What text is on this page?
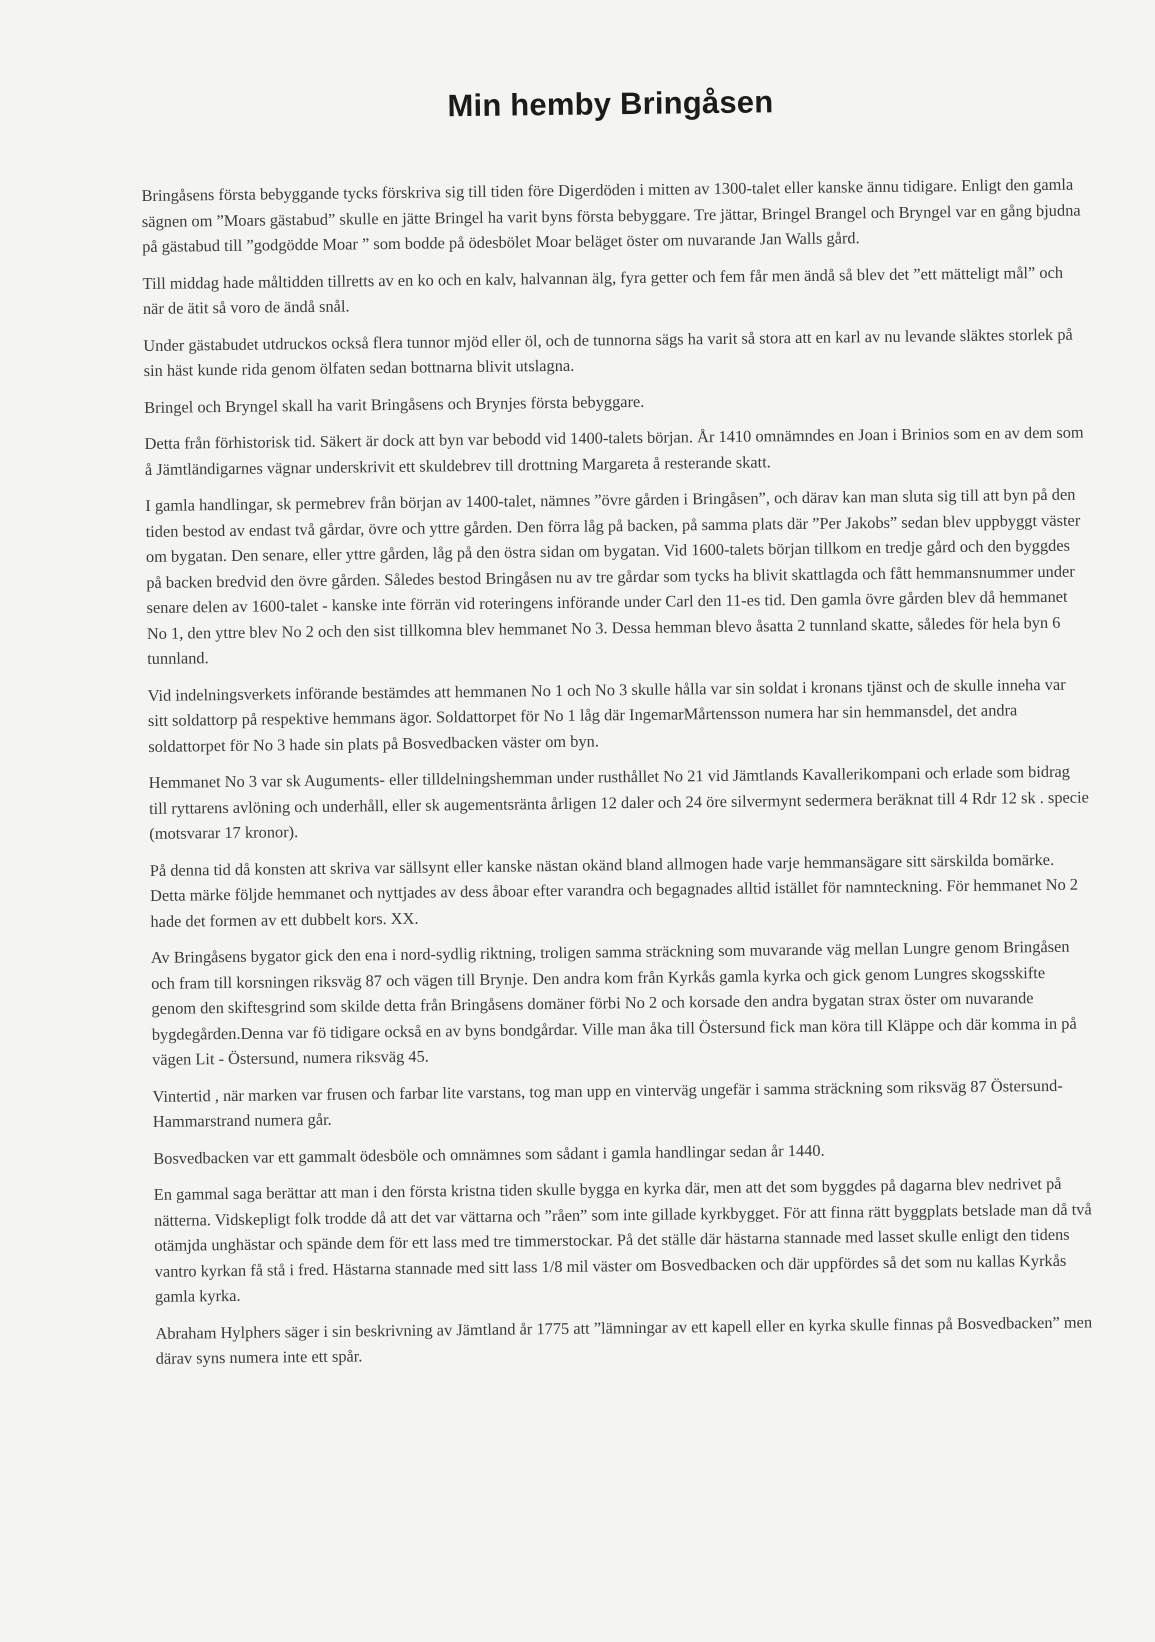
Min hemby Bringåsen

Bringåsens första bebyggande tycks förskriva sig till tiden före Digerdöden i mitten av 1300-talet eller kanske ännu tidigare. Enligt den gamla sägnen om ”Moars gästabud” skulle en jätte Bringel ha varit byns första bebyggare. Tre jättar, Bringel Brangel och Bryngel var en gång bjudna på gästabud till ”godgödde Moar ” som bodde på ödesbölet Moar beläget öster om nuvarande Jan Walls gård.

Till middag hade måltidden tillretts av en ko och en kalv, halvannan älg, fyra getter och fem får men ändå så blev det ”ett mätteligt mål” och när de ätit så voro de ändå snål.

Under gästabudet utdruckos också flera tunnor mjöd eller öl, och de tunnorna sägs ha varit så stora att en karl av nu levande släktes storlek på sin häst kunde rida genom ölfaten sedan bottnarna blivit utslagna.

Bringel och Bryngel skall ha varit Bringåsens och Brynjes första bebyggare.

Detta från förhistorisk tid. Säkert är dock att byn var bebodd vid 1400-talets början. År 1410 omnämndes en Joan i Brinios som en av dem som å Jämtländigarnes vägnar underskrivit ett skuldebrev till drottning Margareta å resterande skatt.

I gamla handlingar, sk permebrev från början av 1400-talet, nämnes ”övre gården i Bringåsen”, och därav kan man sluta sig till att byn på den tiden bestod av endast två gårdar, övre och yttre gården. Den förra låg på backen, på samma plats där ”Per Jakobs” sedan blev uppbyggt väster om bygatan. Den senare, eller yttre gården, låg på den östra sidan om bygatan. Vid 1600-talets början tillkom en tredje gård och den byggdes på backen bredvid den övre gården. Således bestod Bringåsen nu av tre gårdar som tycks ha blivit skattlagda och fått hemmansnummer under senare delen av 1600-talet - kanske inte förrän vid roteringens införande under Carl den 11-es tid. Den gamla övre gården blev då hemmanet No 1, den yttre blev No 2 och den sist tillkomna blev hemmanet No 3. Dessa hemman blevo åsatta 2 tunnland skatte, således för hela byn 6 tunnland.

Vid indelningsverkets införande bestämdes att hemmanen No 1 och No 3 skulle hålla var sin soldat i kronans tjänst och de skulle inneha var sitt soldattorp på respektive hemmans ägor. Soldattorpet för No 1 låg där IngemarMårtensson numera har sin hemmansdel, det andra soldattorpet för No 3 hade sin plats på Bosvedbacken väster om byn.

Hemmanet No 3 var sk Auguments- eller tilldelningshemman under rusthållet No 21 vid Jämtlands Kavallerikompani och erlade som bidrag till ryttarens avlöning och underhåll, eller sk augementsränta årligen 12 daler och 24 öre silvermynt sedermera beräknat till 4 Rdr 12 sk . specie (motsvarar 17 kronor).

På denna tid då konsten att skriva var sällsynt eller kanske nästan okänd bland allmogen hade varje hemmansägare sitt särskilda bomärke. Detta märke följde hemmanet och nyttjades av dess åboar efter varandra och begagnades alltid istället för namnteckning. För hemmanet No 2 hade det formen av ett dubbelt kors. XX.

Av Bringåsens bygator gick den ena i nord-sydlig riktning, troligen samma sträckning som muvarande väg mellan Lungre genom Bringåsen och fram till korsningen riksväg 87 och vägen till Brynje. Den andra kom från Kyrkås gamla kyrka och gick genom Lungres skogsskifte genom den skiftesgrind som skilde detta från Bringåsens domäner förbi No 2 och korsade den andra bygatan strax öster om nuvarande bygdegården.Denna var fö tidigare också en av byns bondgårdar. Ville man åka till Östersund fick man köra till Kläppe och där komma in på vägen Lit - Östersund, numera riksväg 45.

Vintertid , när marken var frusen och farbar lite varstans, tog man upp en vinterväg ungefär i samma sträckning som riksväg 87 Östersund-Hammarstrand numera går.

Bosvedbacken var ett gammalt ödesböle och omnämnes som sådant i gamla handlingar sedan år 1440.

En gammal saga berättar att man i den första kristna tiden skulle bygga en kyrka där, men att det som byggdes på dagarna blev nedrivet på nätterna. Vidskepligt folk trodde då att det var vättarna och ”råen” som inte gillade kyrkbygget. För att finna rätt byggplats betslade man då två otämjda unghästar och spände dem för ett lass med tre timmerstockar. På det ställe där hästarna stannade med lasset skulle enligt den tidens vantro kyrkan få stå i fred. Hästarna stannade med sitt lass 1/8 mil väster om Bosvedbacken och där uppfördes så det som nu kallas Kyrkås gamla kyrka.

Abraham Hylphers säger i sin beskrivning av Jämtland år 1775 att ”lämningar av ett kapell eller en kyrka skulle finnas på Bosvedbacken” men därav syns numera inte ett spår.
